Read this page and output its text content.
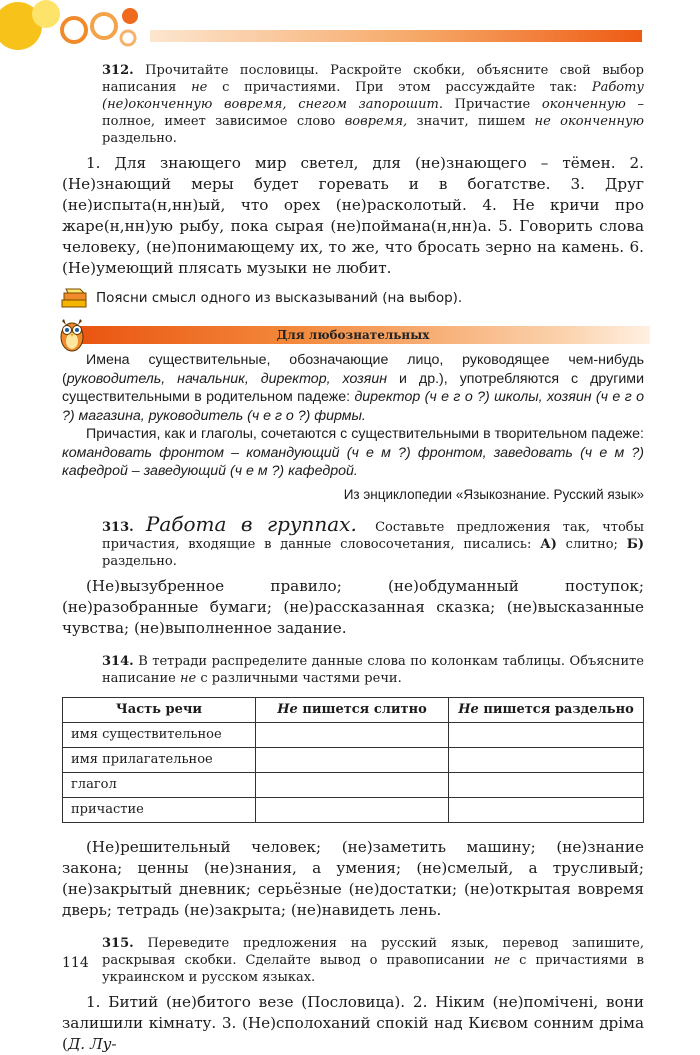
312. Прочитайте пословицы. Раскройте скобки, объясните свой выбор написания не с причастиями. При этом рассуждайте так: Работу (не)оконченную вовремя, снегом запорошит. Причастие оконченную – полное, имеет зависимое слово вовремя, значит, пишем не оконченную раздельно.
1. Для знающего мир светел, для (не)знающего – тёмен. 2. (Не)знающий меры будет горевать и в богатстве. 3. Друг (не)испыта(н,нн)ый, что орех (не)расколотый. 4. Не кричи про жаре(н,нн)ую рыбу, пока сырая (не)поймана(н,нн)а. 5. Говорить слова человеку, (не)понимающему их, то же, что бросать зерно на камень. 6. (Не)умеющий плясать музыки не любит.
Поясни смысл одного из высказываний (на выбор).
Для любознательных

Имена существительные, обозначающие лицо, руководящее чем-нибудь (руководитель, начальник, директор, хозяин и др.), употребляются с другими существительными в родительном падеже: директор (ч е г о ?) школы, хозяин (ч е г о ?) магазина, руководитель (ч е г о ?) фирмы.

Причастия, как и глаголы, сочетаются с существительными в творительном падеже: командовать фронтом – командующий (ч е м ?) фронтом, заведовать (ч е м ?) кафедрой – заведующий (ч е м ?) кафедрой.

Из энциклопедии «Языкознание. Русский язык»
313. Работа в группах. Составьте предложения так, чтобы причастия, входящие в данные словосочетания, писались: А) слитно; Б) раздельно.
(Не)вызубренное правило; (не)обдуманный поступок; (не)разобранные бумаги; (не)рассказанная сказка; (не)высказанные чувства; (не)выполненное задание.
314. В тетради распределите данные слова по колонкам таблицы. Объясните написание не с различными частями речи.
Часть речи	Не пишется слитно	Не пишется раздельно
имя существительное		
имя прилагательное		
глагол		
причастие		
(Не)решительный человек; (не)заметить машину; (не)знание закона; ценны (не)знания, а умения; (не)смелый, а трусливый; (не)закрытый дневник; серьёзные (не)достатки; (не)открытая вовремя дверь; тетрадь (не)закрыта; (не)навидеть лень.
315. Переведите предложения на русский язык, перевод запишите, раскрывая скобки. Сделайте вывод о правописании не с причастиями в украинском и русском языках.
1. Битий (не)битого везе (Пословица). 2. Ніким (не)помічені, вони залишили кімнату. 3. (Не)сполоханий спокій над Києвом сонним дріма (Д. Лу-
114
